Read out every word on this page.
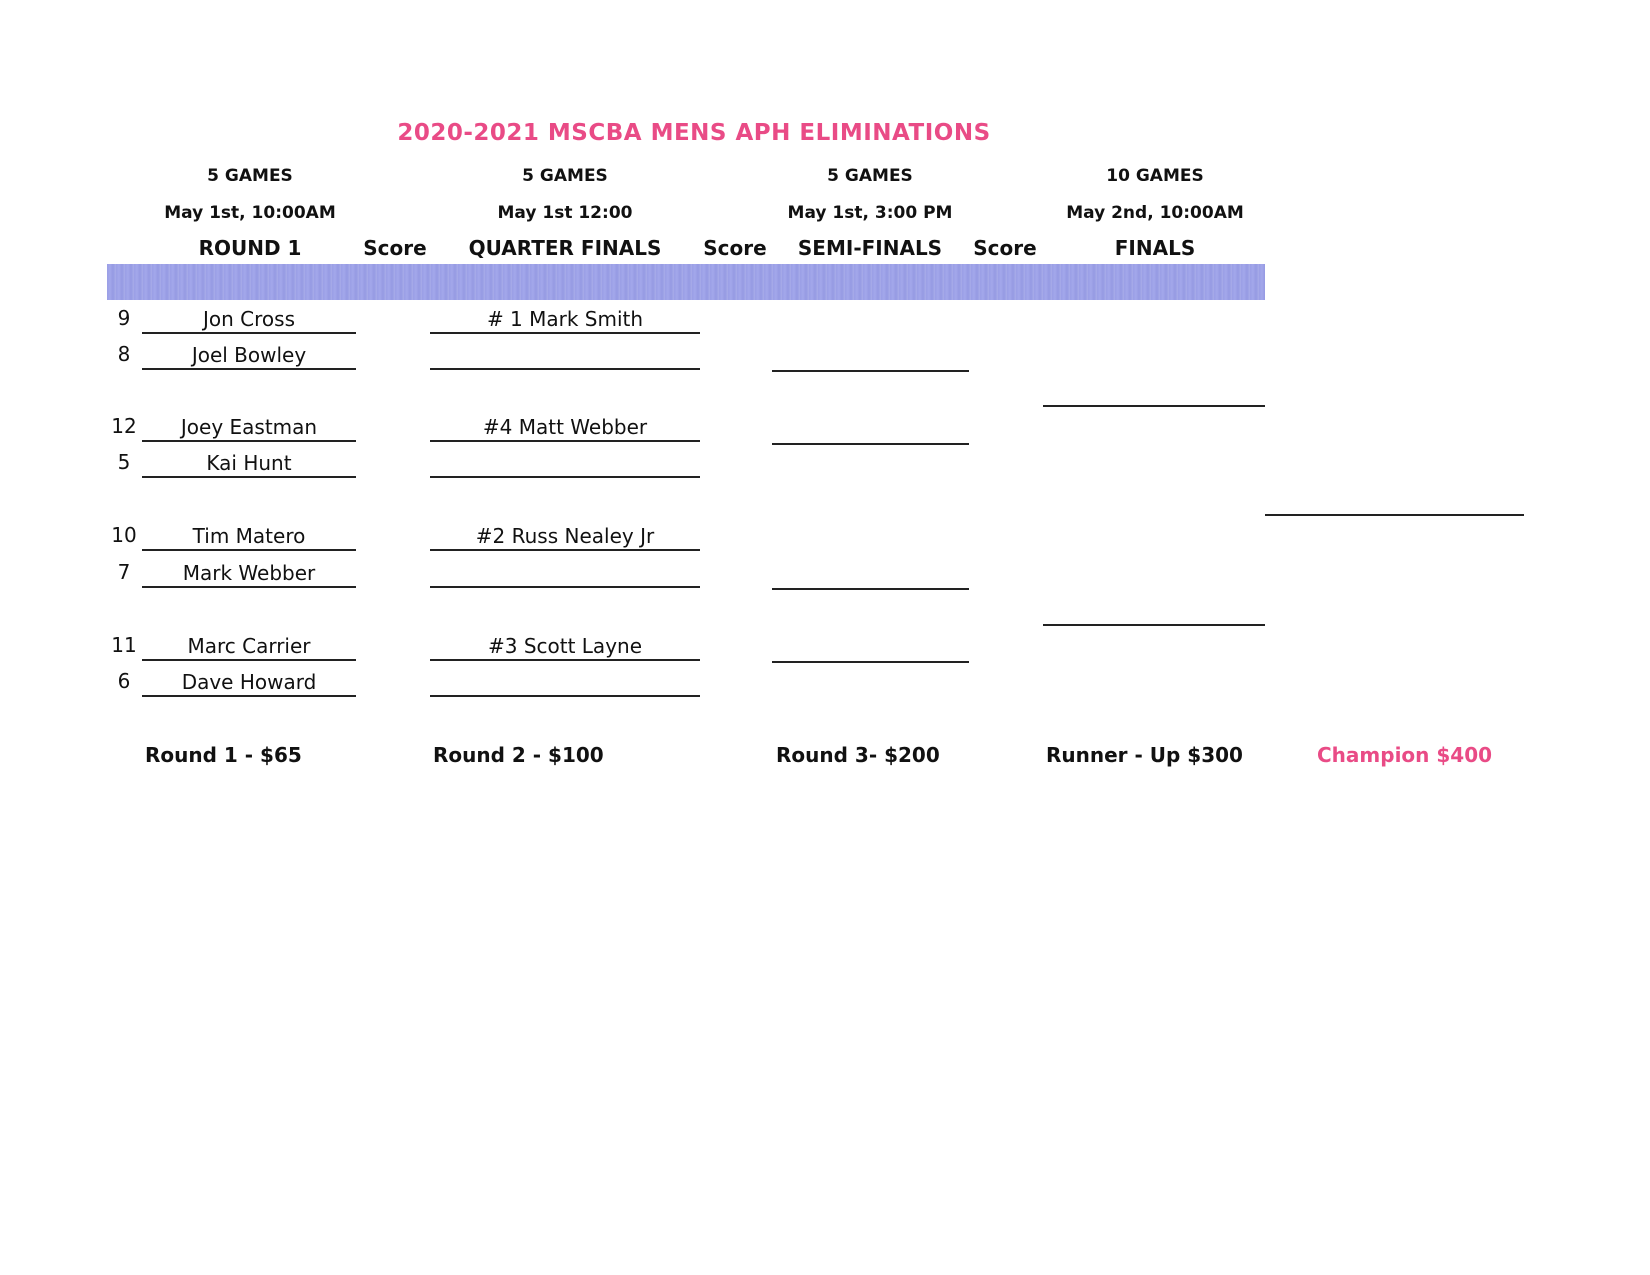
2020-2021 MSCBA MENS APH ELIMINATIONS
5 GAMES
May 1st, 10:00AM
ROUND 1
5 GAMES
May 1st 12:00
QUARTER FINALS
5 GAMES
May 1st, 3:00 PM
SEMI-FINALS
10 GAMES
May 2nd, 10:00AM
FINALS
Score	Score	Score
9	Jon Cross
8	Joel Bowley
12	Joey Eastman
5	Kai Hunt
10	Tim Matero
7	Mark Webber
11	Marc Carrier
6	Dave Howard
# 1 Mark Smith
#4 Matt Webber
#2 Russ Nealey Jr
#3 Scott Layne
Round 1 - $65	Round 2 - $100	Round 3- $200	Runner - Up $300	Champion $400
